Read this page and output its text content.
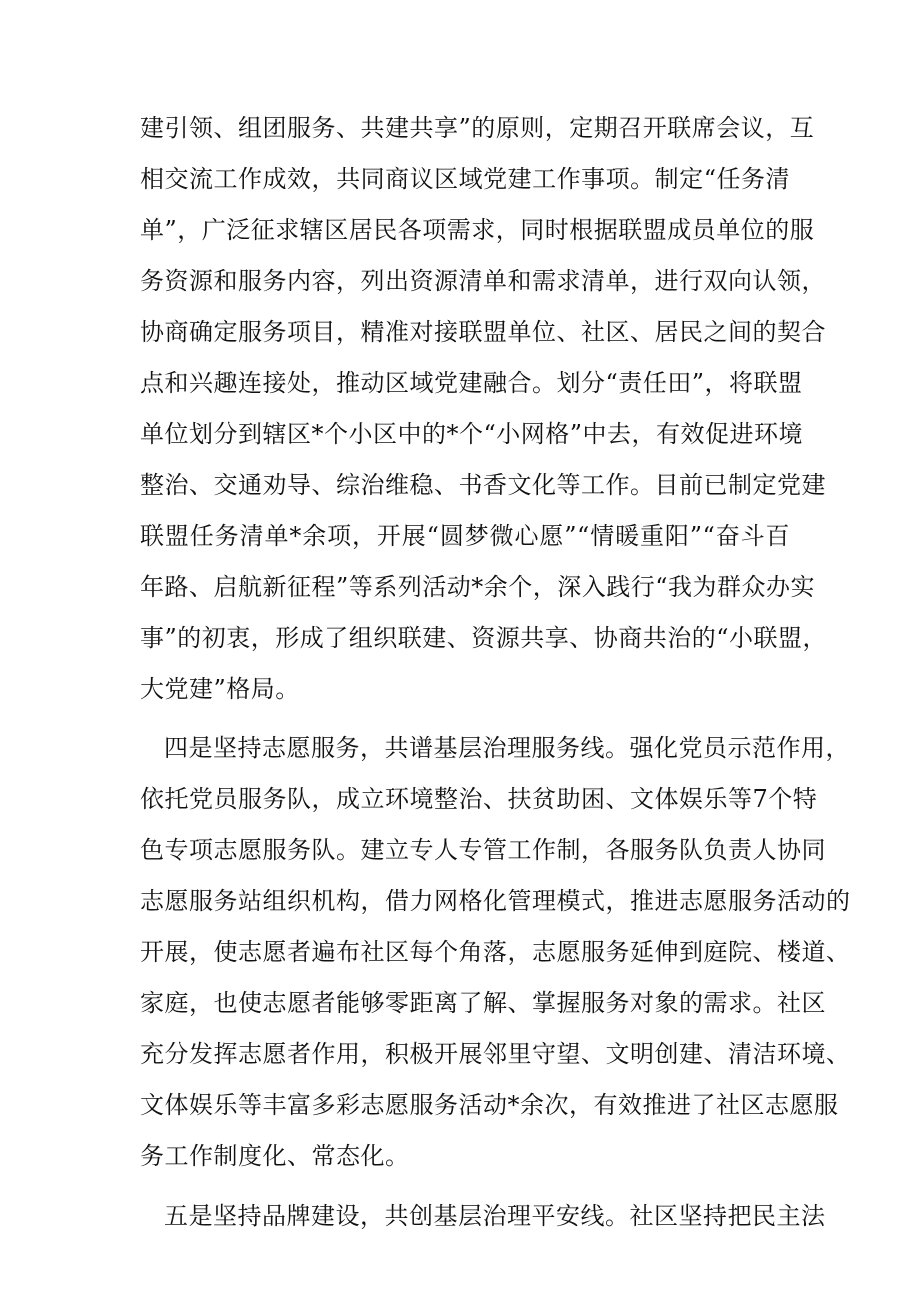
建引领、组团服务、共建共享”的原则，定期召开联席会议，互
相交流工作成效，共同商议区域党建工作事项。制定“任务清
单”，广泛征求辖区居民各项需求，同时根据联盟成员单位的服
务资源和服务内容，列出资源清单和需求清单，进行双向认领，
协商确定服务项目，精准对接联盟单位、社区、居民之间的契合
点和兴趣连接处，推动区域党建融合。划分“责任田”，将联盟
单位划分到辖区*个小区中的*个“小网格”中去，有效促进环境
整治、交通劝导、综治维稳、书香文化等工作。目前已制定党建
联盟任务清单*余项，开展“圆梦微心愿”“情暖重阳”“奋斗百
年路、启航新征程”等系列活动*余个，深入践行“我为群众办实
事”的初衷，形成了组织联建、资源共享、协商共治的“小联盟，
大党建”格局。
四是坚持志愿服务，共谱基层治理服务线。强化党员示范作用，
依托党员服务队，成立环境整治、扶贫助困、文体娱乐等7个特
色专项志愿服务队。建立专人专管工作制，各服务队负责人协同
志愿服务站组织机构，借力网格化管理模式，推进志愿服务活动的
开展，使志愿者遍布社区每个角落，志愿服务延伸到庭院、楼道、
家庭，也使志愿者能够零距离了解、掌握服务对象的需求。社区
充分发挥志愿者作用，积极开展邻里守望、文明创建、清洁环境、
文体娱乐等丰富多彩志愿服务活动*余次，有效推进了社区志愿服
务工作制度化、常态化。
五是坚持品牌建设，共创基层治理平安线。社区坚持把民主法
